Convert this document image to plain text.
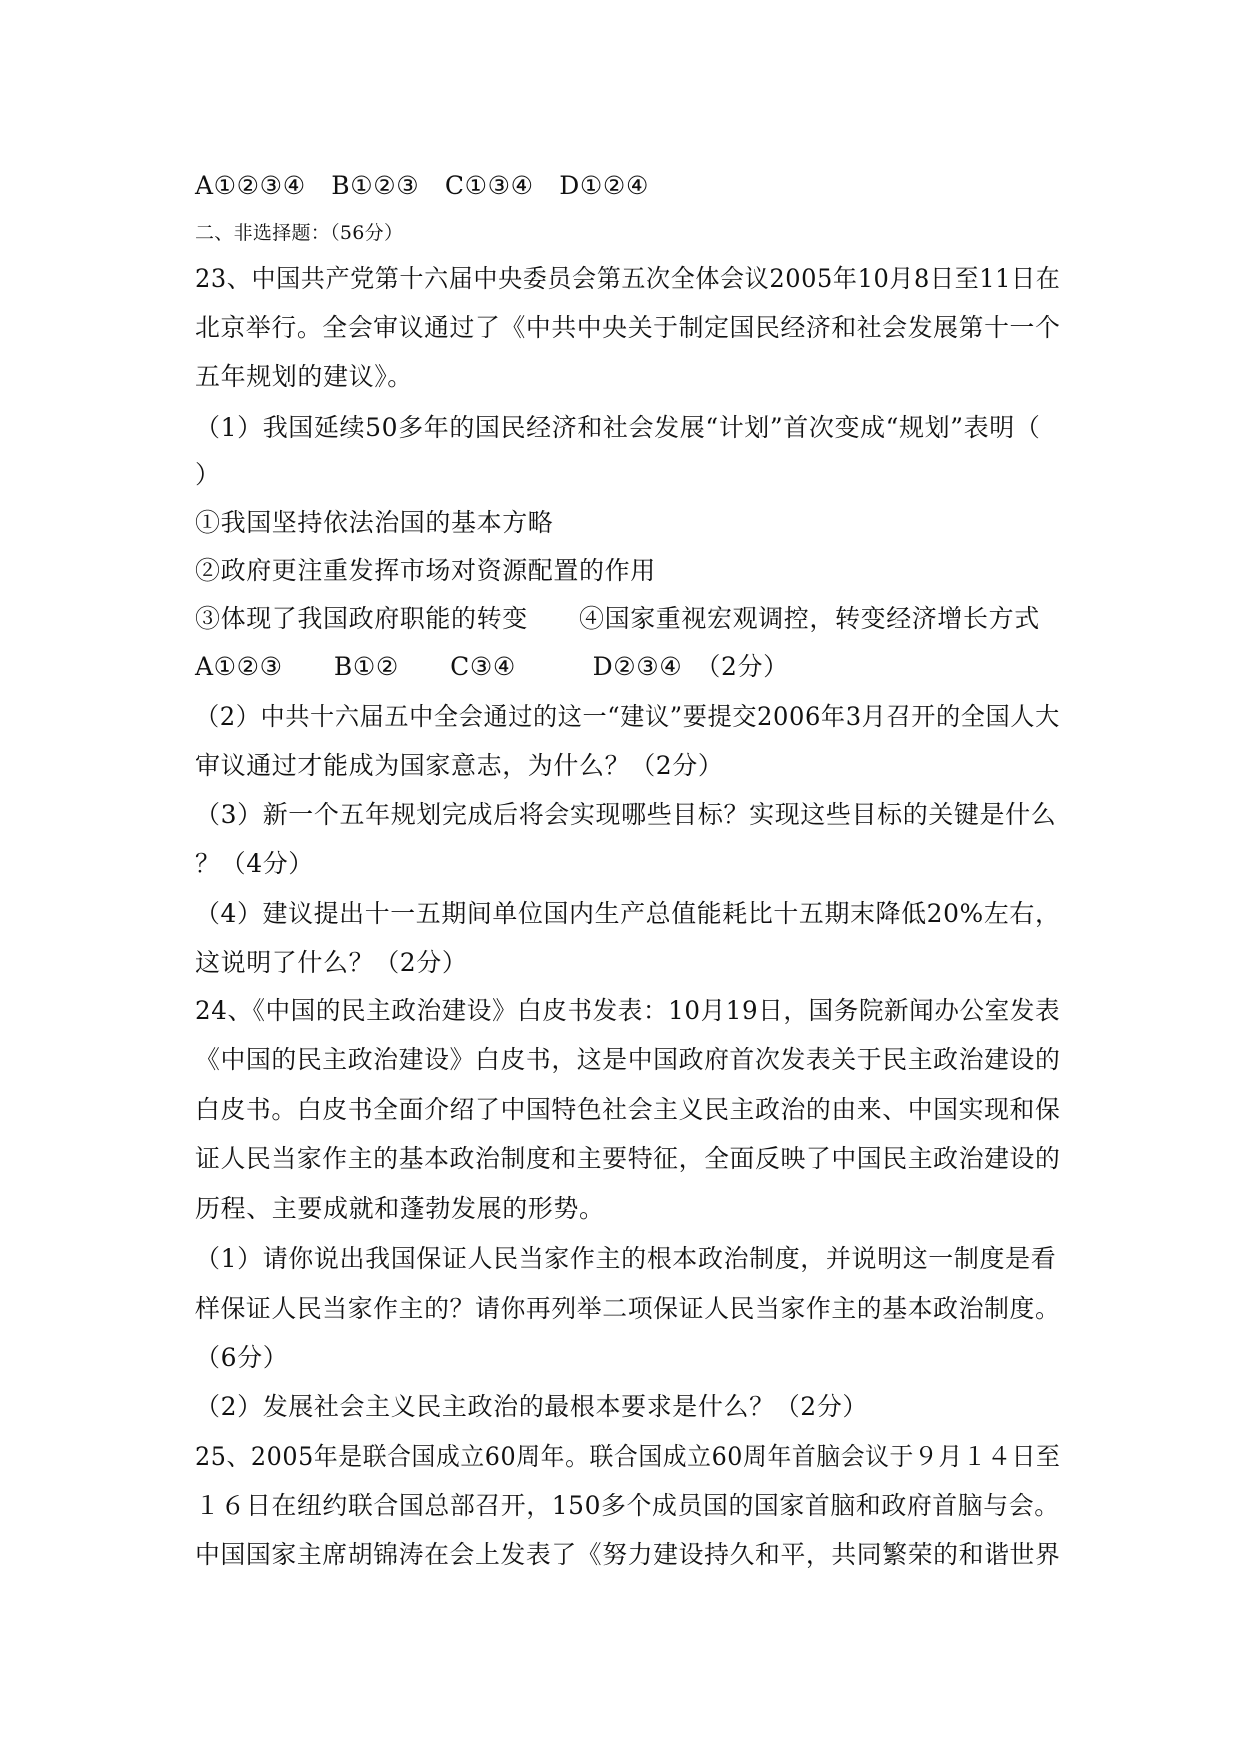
A①②③④　B①②③　C①③④　D①②④
二、非选择题：（56分）
23、中国共产党第十六届中央委员会第五次全体会议2005年10月8日至11日在
北京举行。全会审议通过了《中共中央关于制定国民经济和社会发展第十一个
五年规划的建议》。
（1）我国延续50多年的国民经济和社会发展“计划”首次变成“规划”表明（
）
①我国坚持依法治国的基本方略
②政府更注重发挥市场对资源配置的作用
③体现了我国政府职能的转变　　④国家重视宏观调控，转变经济增长方式
A①②③　　B①②　　C③④　　　D②③④　（2分）
（2）中共十六届五中全会通过的这一“建议”要提交2006年3月召开的全国人大
审议通过才能成为国家意志，为什么？（2分）
（3）新一个五年规划完成后将会实现哪些目标？实现这些目标的关键是什么
？（4分）
（4）建议提出十一五期间单位国内生产总值能耗比十五期末降低20%左右，
这说明了什么？（2分）
24、《中国的民主政治建设》白皮书发表：10月19日，国务院新闻办公室发表
《中国的民主政治建设》白皮书，这是中国政府首次发表关于民主政治建设的
白皮书。白皮书全面介绍了中国特色社会主义民主政治的由来、中国实现和保
证人民当家作主的基本政治制度和主要特征，全面反映了中国民主政治建设的
历程、主要成就和蓬勃发展的形势。
（1）请你说出我国保证人民当家作主的根本政治制度，并说明这一制度是看
样保证人民当家作主的？请你再列举二项保证人民当家作主的基本政治制度。
（6分）
（2）发展社会主义民主政治的最根本要求是什么？（2分）
25、2005年是联合国成立60周年。联合国成立60周年首脑会议于９月１４日至
１６日在纽约联合国总部召开，150多个成员国的国家首脑和政府首脑与会。
中国国家主席胡锦涛在会上发表了《努力建设持久和平，共同繁荣的和谐世界
